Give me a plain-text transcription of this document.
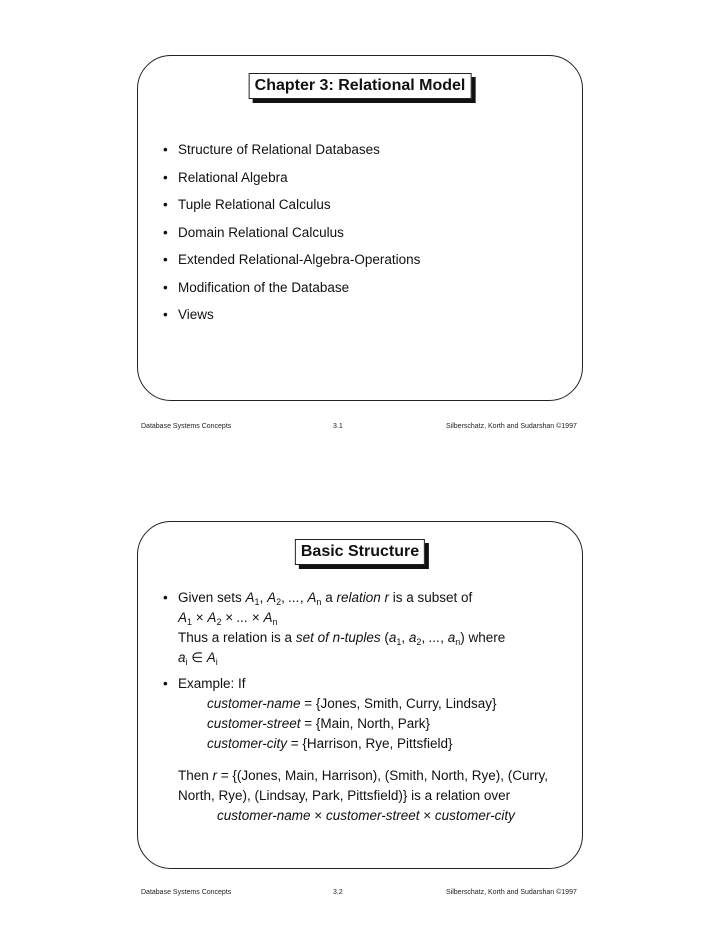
Chapter 3: Relational Model
• Structure of Relational Databases
• Relational Algebra
• Tuple Relational Calculus
• Domain Relational Calculus
• Extended Relational-Algebra-Operations
• Modification of the Database
• Views
Database Systems Concepts	3.1	Silberschatz, Korth and Sudarshan ©1997
Basic Structure
• Given sets $A_1$, $A_2$, ..., $A_n$ a relation r is a subset of
$A_1 \times A_2$ × ... × $A_n$
Thus a relation is a set of n-tuples ($a_1$, $a_2$, ..., $a_n$) where
$a_i$ ∈ $A_i$
• Example: If
customer-name = {Jones, Smith, Curry, Lindsay}
customer-street = {Main, North, Park}
customer-city = {Harrison, Rye, Pittsfield}
Then r = {(Jones, Main, Harrison), (Smith, North, Rye), (Curry,
North, Rye), (Lindsay, Park, Pittsfield)} is a relation over
customer-name × customer-street × customer-city
Database Systems Concepts	3.2	Silberschatz, Korth and Sudarshan ©1997
